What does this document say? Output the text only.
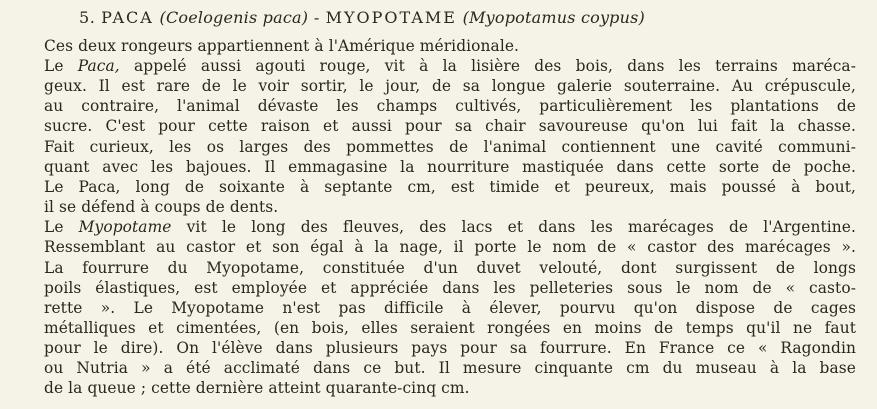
5. PACA (Coelogenis paca) - MYOPOTAME (Myopotamus coypus)
Ces deux rongeurs appartiennent à l'Amérique méridionale.
Le Paca, appelé aussi agouti rouge, vit à la lisière des bois, dans les terrains maréca-
geux. Il est rare de le voir sortir, le jour, de sa longue galerie souterraine. Au crépuscule,
au contraire, l'animal dévaste les champs cultivés, particulièrement les plantations de
sucre. C'est pour cette raison et aussi pour sa chair savoureuse qu'on lui fait la chasse.
Fait curieux, les os larges des pommettes de l'animal contiennent une cavité communi-
quant avec les bajoues. Il emmagasine la nourriture mastiquée dans cette sorte de poche.
Le Paca, long de soixante à septante cm, est timide et peureux, mais poussé à bout,
il se défend à coups de dents.
Le Myopotame vit le long des fleuves, des lacs et dans les marécages de l'Argentine.
Ressemblant au castor et son égal à la nage, il porte le nom de « castor des marécages ».
La fourrure du Myopotame, constituée d'un duvet velouté, dont surgissent de longs
poils élastiques, est employée et appréciée dans les pelleteries sous le nom de « casto-
rette ». Le Myopotame n'est pas difficile à élever, pourvu qu'on dispose de cages
métalliques et cimentées, (en bois, elles seraient rongées en moins de temps qu'il ne faut
pour le dire). On l'élève dans plusieurs pays pour sa fourrure. En France ce « Ragondin
ou Nutria » a été acclimaté dans ce but. Il mesure cinquante cm du museau à la base
de la queue ; cette dernière atteint quarante-cinq cm.
